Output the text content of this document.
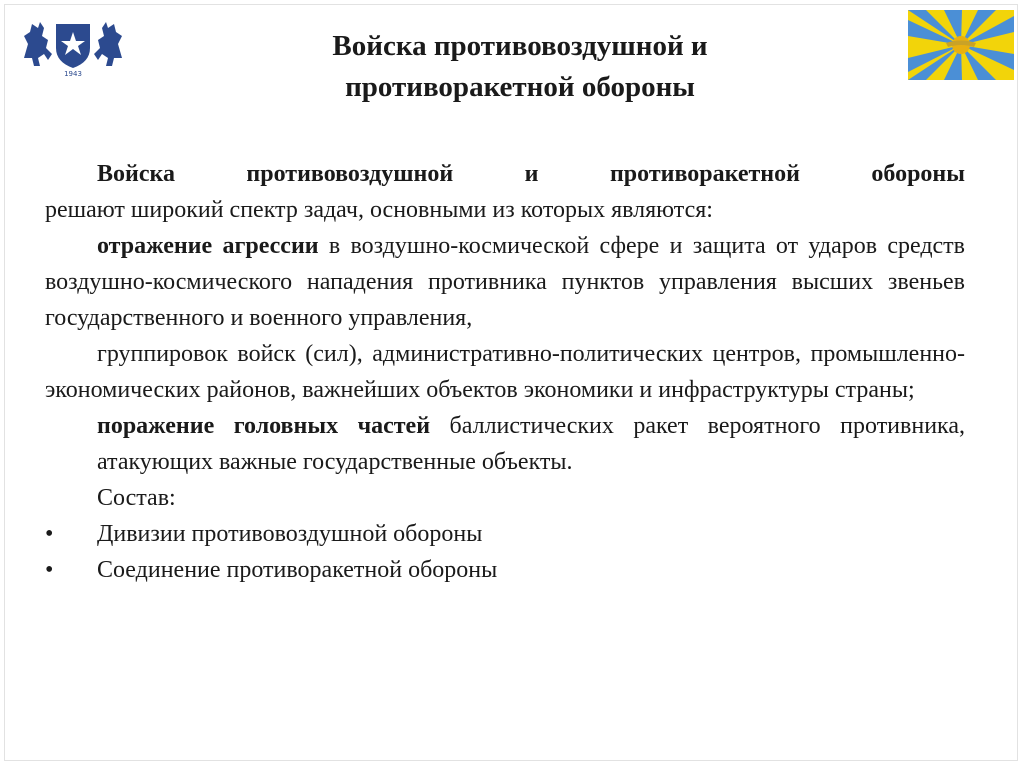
1943
Войска противовоздушной и
противоракетной обороны

Войска противовоздушной и противоракетной обороны

решают широкий спектр задач, основными из которых являются:

отражение агрессии в воздушно-космической сфере и защита от ударов средств воздушно-космического нападения противника пунктов управления высших звеньев государственного и военного управления,

группировок войск (сил), административно-политических центров, промышленно-экономических районов, важнейших объектов экономики и инфраструктуры страны;

поражение головных частей баллистических ракет вероятного противника, атакующих важные государственные объекты.

Состав:

• Дивизии противовоздушной обороны

• Соединение противоракетной обороны
